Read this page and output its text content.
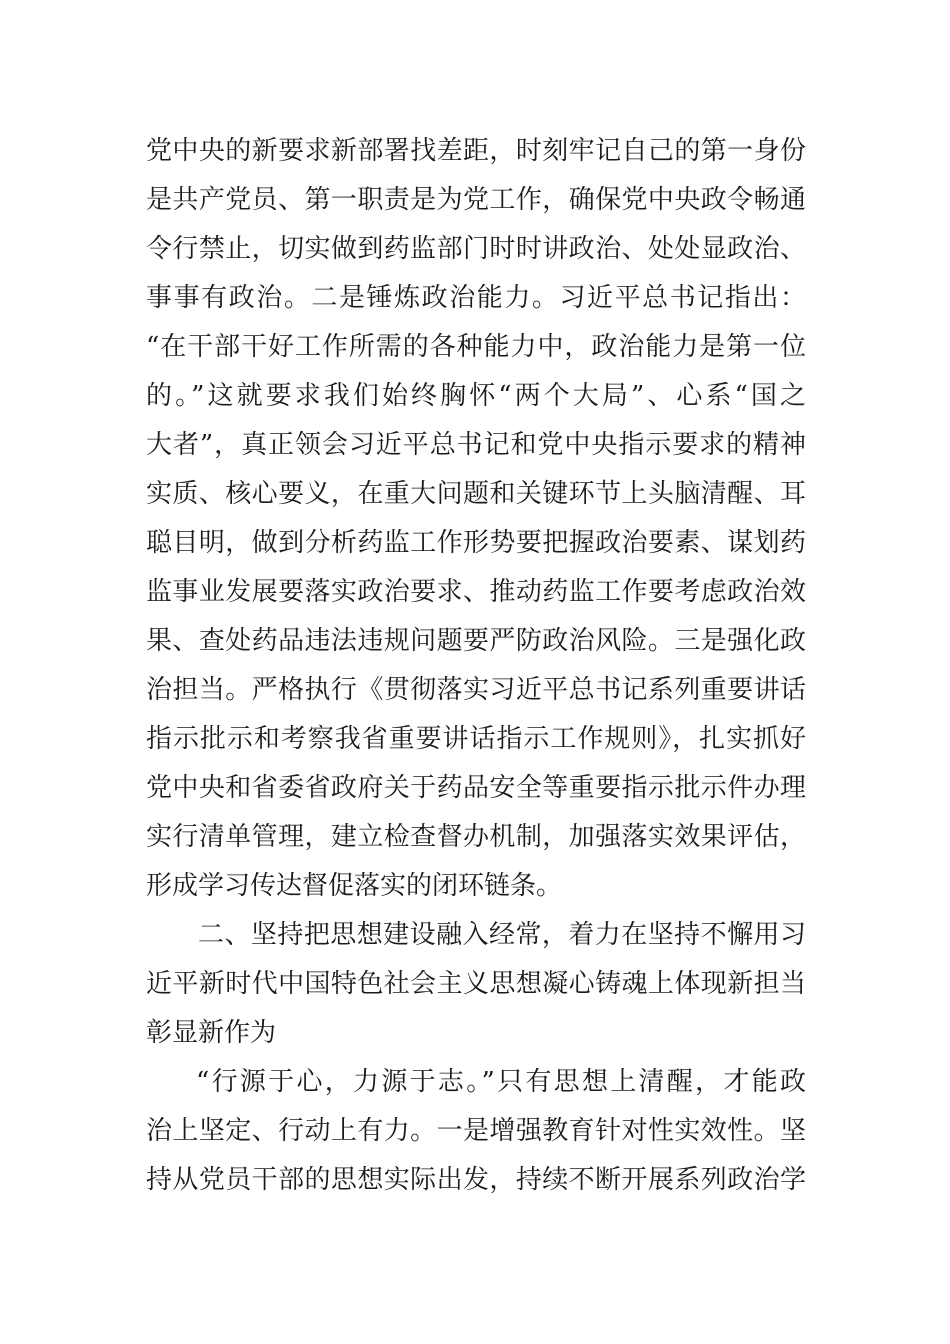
党中央的新要求新部署找差距，时刻牢记自己的第一身份
是共产党员、第一职责是为党工作，确保党中央政令畅通
令行禁止，切实做到药监部门时时讲政治、处处显政治、
事事有政治。二是锤炼政治能力。习近平总书记指出：
“在干部干好工作所需的各种能力中，政治能力是第一位
的。”这就要求我们始终胸怀“两个大局”、心系“国之
大者”，真正领会习近平总书记和党中央指示要求的精神
实质、核心要义，在重大问题和关键环节上头脑清醒、耳
聪目明，做到分析药监工作形势要把握政治要素、谋划药
监事业发展要落实政治要求、推动药监工作要考虑政治效
果、查处药品违法违规问题要严防政治风险。三是强化政
治担当。严格执行《贯彻落实习近平总书记系列重要讲话
指示批示和考察我省重要讲话指示工作规则》，扎实抓好
党中央和省委省政府关于药品安全等重要指示批示件办理
实行清单管理，建立检查督办机制，加强落实效果评估，
形成学习传达督促落实的闭环链条。
二、坚持把思想建设融入经常，着力在坚持不懈用习
近平新时代中国特色社会主义思想凝心铸魂上体现新担当
彰显新作为
“行源于心，力源于志。”只有思想上清醒，才能政
治上坚定、行动上有力。一是增强教育针对性实效性。坚
持从党员干部的思想实际出发，持续不断开展系列政治学
